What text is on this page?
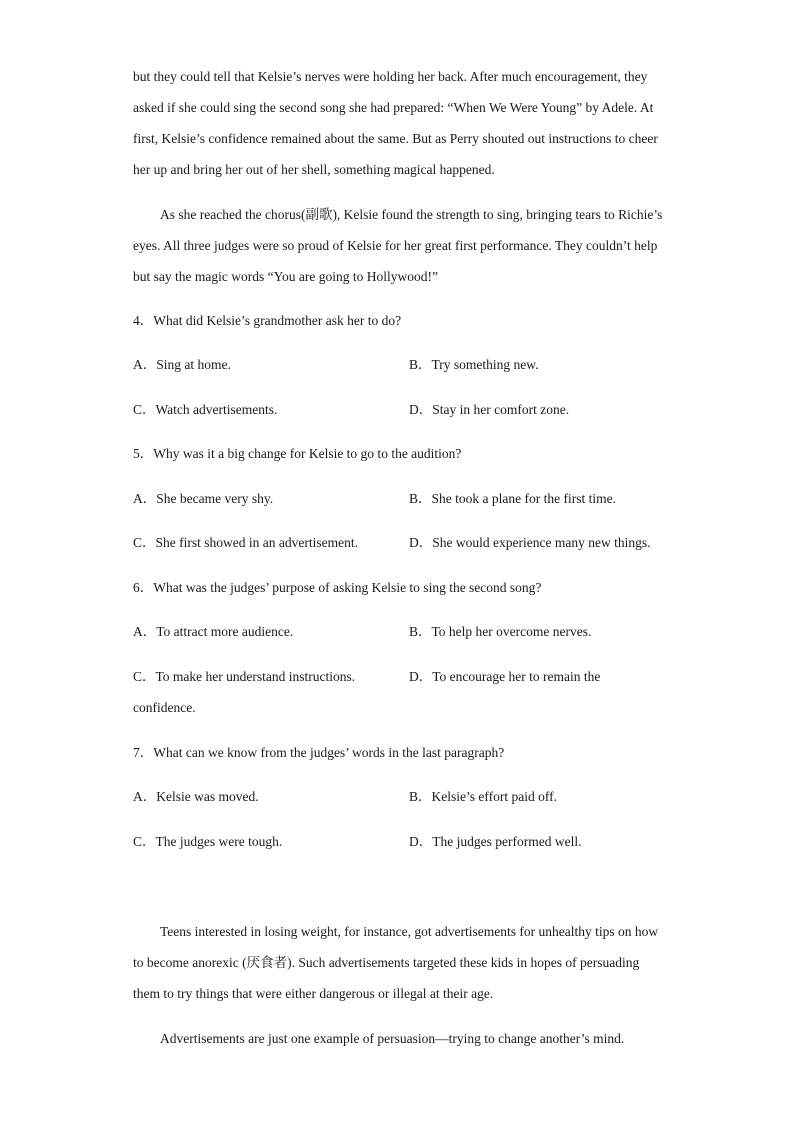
but they could tell that Kelsie’s nerves were holding her back. After much encouragement, they asked if she could sing the second song she had prepared: “When We Were Young” by Adele. At first, Kelsie’s confidence remained about the same. But as Perry shouted out instructions to cheer her up and bring her out of her shell, something magical happened.

As she reached the chorus(副歌), Kelsie found the strength to sing, bringing tears to Richie’s eyes. All three judges were so proud of Kelsie for her great first performance. They couldn’t help but say the magic words “You are going to Hollywood!”

4．What did Kelsie’s grandmother ask her to do?

A．Sing at home.	B．Try something new.

C．Watch advertisements.	D．Stay in her comfort zone.

5．Why was it a big change for Kelsie to go to the audition?

A．She became very shy.	B．She took a plane for the first time.

C．She first showed in an advertisement.	D．She would experience many new things.

6．What was the judges’ purpose of asking Kelsie to sing the second song?

A．To attract more audience.	B．To help her overcome nerves.

C．To make her understand instructions.	D．To encourage her to remain the

confidence.

7．What can we know from the judges’ words in the last paragraph?

A．Kelsie was moved.	B．Kelsie’s effort paid off.

C．The judges were tough.	D．The judges performed well.

Teens interested in losing weight, for instance, got advertisements for unhealthy tips on how to become anorexic (厌食者). Such advertisements targeted these kids in hopes of persuading them to try things that were either dangerous or illegal at their age.

Advertisements are just one example of persuasion—trying to change another’s mind.
